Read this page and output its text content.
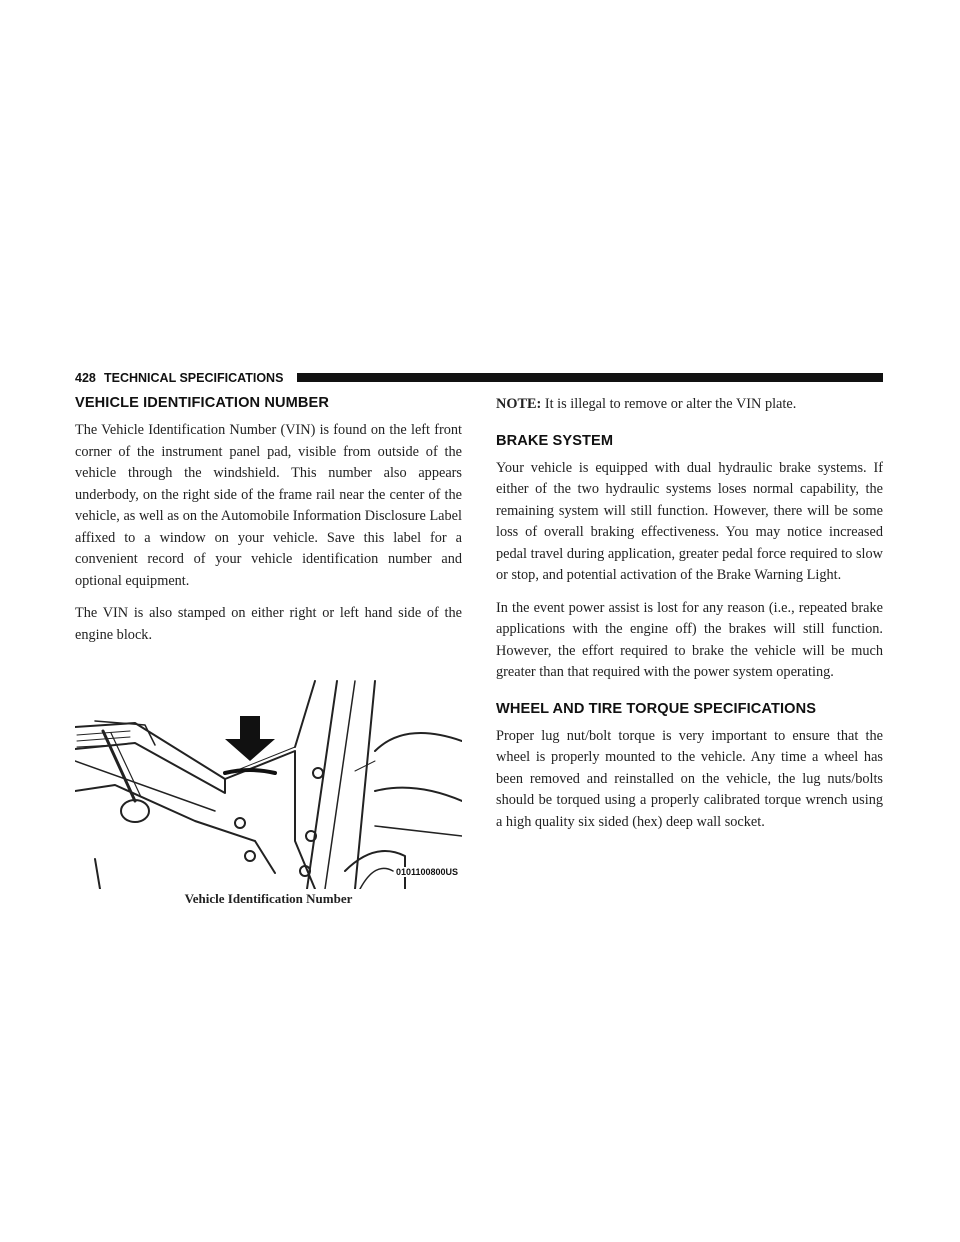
428 TECHNICAL SPECIFICATIONS
VEHICLE IDENTIFICATION NUMBER

The Vehicle Identification Number (VIN) is found on the left front corner of the instrument panel pad, visible from outside of the vehicle through the windshield. This number also appears underbody, on the right side of the frame rail near the center of the vehicle, as well as on the Automobile Information Disclosure Label affixed to a window on your vehicle. Save this label for a convenient record of your vehicle identification number and optional equipment.

The VIN is also stamped on either right or left hand side of the engine block.

0101100800US
Vehicle Identification Number

NOTE: It is illegal to remove or alter the VIN plate.

BRAKE SYSTEM

Your vehicle is equipped with dual hydraulic brake systems. If either of the two hydraulic systems loses normal capability, the remaining system will still function. However, there will be some loss of overall braking effectiveness. You may notice increased pedal travel during application, greater pedal force required to slow or stop, and potential activation of the Brake Warning Light.

In the event power assist is lost for any reason (i.e., repeated brake applications with the engine off) the brakes will still function. However, the effort required to brake the vehicle will be much greater than that required with the power system operating.

WHEEL AND TIRE TORQUE SPECIFICATIONS

Proper lug nut/bolt torque is very important to ensure that the wheel is properly mounted to the vehicle. Any time a wheel has been removed and reinstalled on the vehicle, the lug nuts/bolts should be torqued using a properly calibrated torque wrench using a high quality six sided (hex) deep wall socket.
